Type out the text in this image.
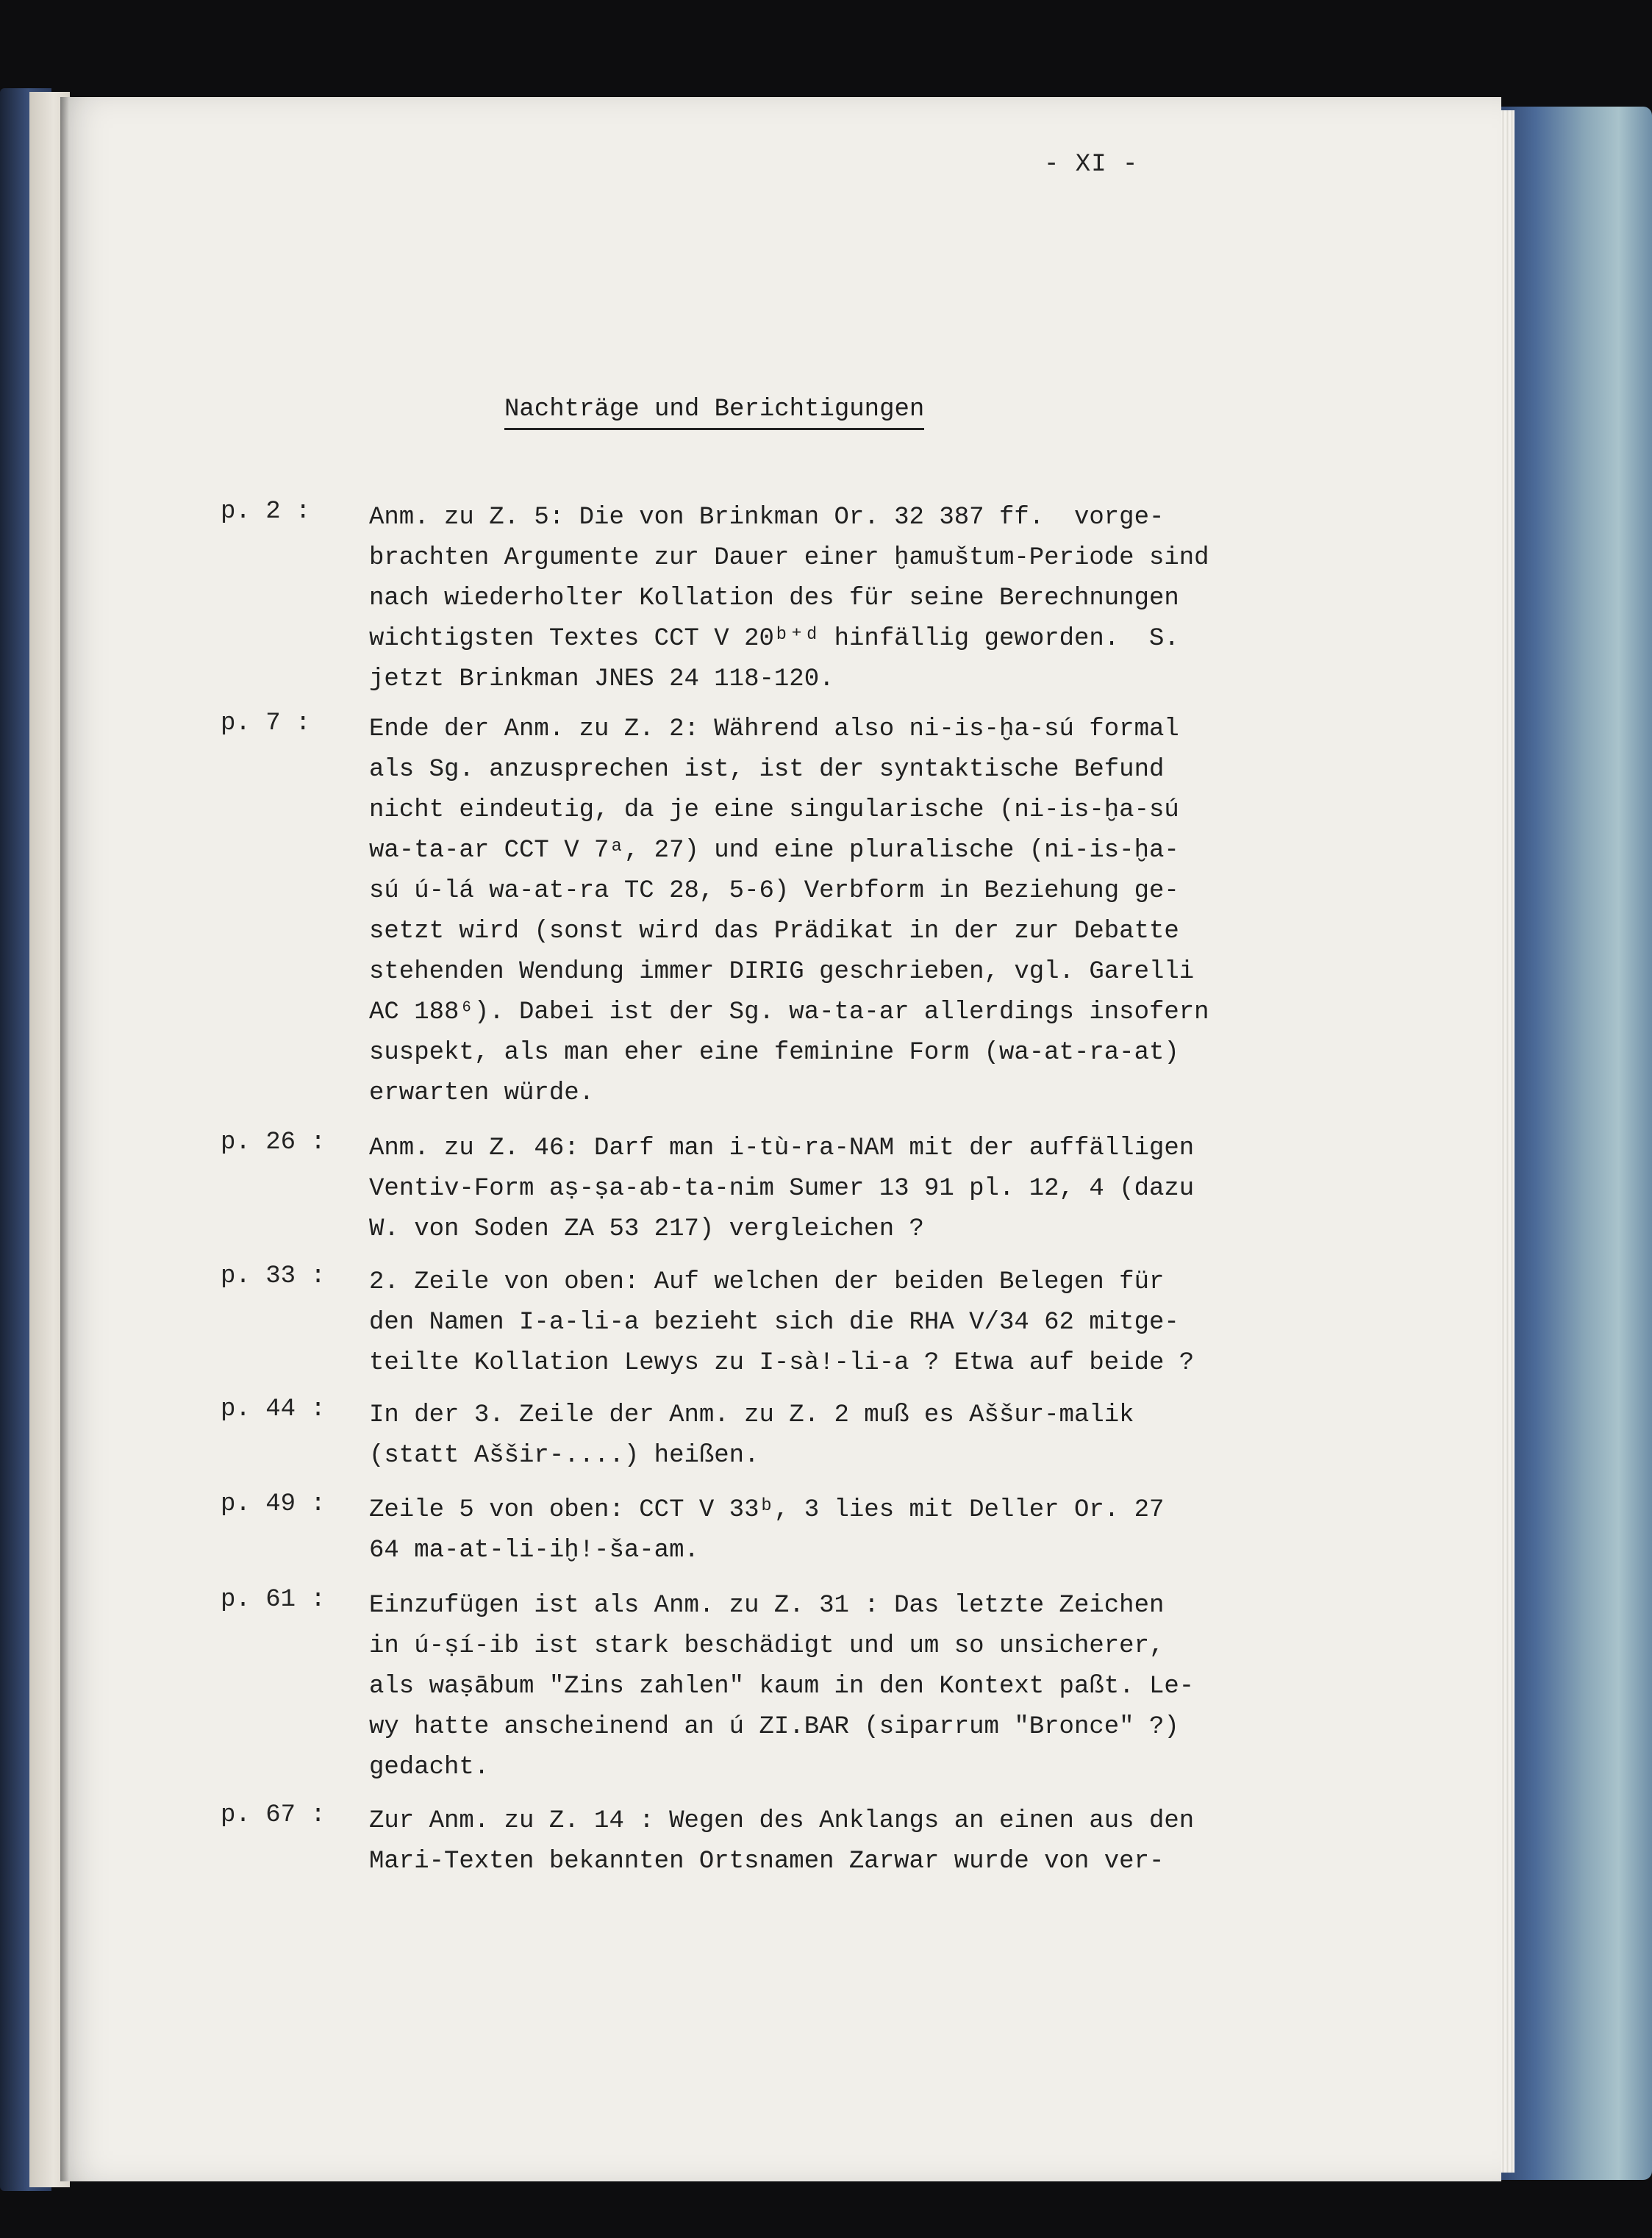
- XI -
Nachträge und Berichtigungen
p. 2 :	Anm. zu Z. 5: Die von Brinkman Or. 32 387 ff.  vorge-
brachten Argumente zur Dauer einer ḫamuštum-Periode sind
nach wiederholter Kollation des für seine Berechnungen
wichtigsten Textes CCT V 20ᵇ⁺ᵈ hinfällig geworden.  S.
jetzt Brinkman JNES 24 118-120.
p. 7 :	Ende der Anm. zu Z. 2: Während also ni-is-ḫa-sú formal
als Sg. anzusprechen ist, ist der syntaktische Befund
nicht eindeutig, da je eine singularische (ni-is-ḫa-sú
wa-ta-ar CCT V 7ᵃ, 27) und eine pluralische (ni-is-ḫa-
sú ú-lá wa-at-ra TC 28, 5-6) Verbform in Beziehung ge-
setzt wird (sonst wird das Prädikat in der zur Debatte
stehenden Wendung immer DIRIG geschrieben, vgl. Garelli
AC 188⁶). Dabei ist der Sg. wa-ta-ar allerdings insofern
suspekt, als man eher eine feminine Form (wa-at-ra-at)
erwarten würde.
p. 26 :	Anm. zu Z. 46: Darf man i-tù-ra-NAM mit der auffälligen
Ventiv-Form aṣ-ṣa-ab-ta-nim Sumer 13 91 pl. 12, 4 (dazu
W. von Soden ZA 53 217) vergleichen ?
p. 33 :	2. Zeile von oben: Auf welchen der beiden Belegen für
den Namen I-a-li-a bezieht sich die RHA V/34 62 mitge-
teilte Kollation Lewys zu I-sà!-li-a ? Etwa auf beide ?
p. 44 :	In der 3. Zeile der Anm. zu Z. 2 muß es Aššur-malik
(statt Aššir-....) heißen.
p. 49 :	Zeile 5 von oben: CCT V 33ᵇ, 3 lies mit Deller Or. 27
64 ma-at-li-iḫ!-ša-am.
p. 61 :	Einzufügen ist als Anm. zu Z. 31 : Das letzte Zeichen
in ú-ṣí-ib ist stark beschädigt und um so unsicherer,
als waṣābum "Zins zahlen" kaum in den Kontext paßt. Le-
wy hatte anscheinend an ú ZI.BAR (siparrum "Bronce" ?)
gedacht.
p. 67 :	Zur Anm. zu Z. 14 : Wegen des Anklangs an einen aus den
Mari-Texten bekannten Ortsnamen Zarwar wurde von ver-
